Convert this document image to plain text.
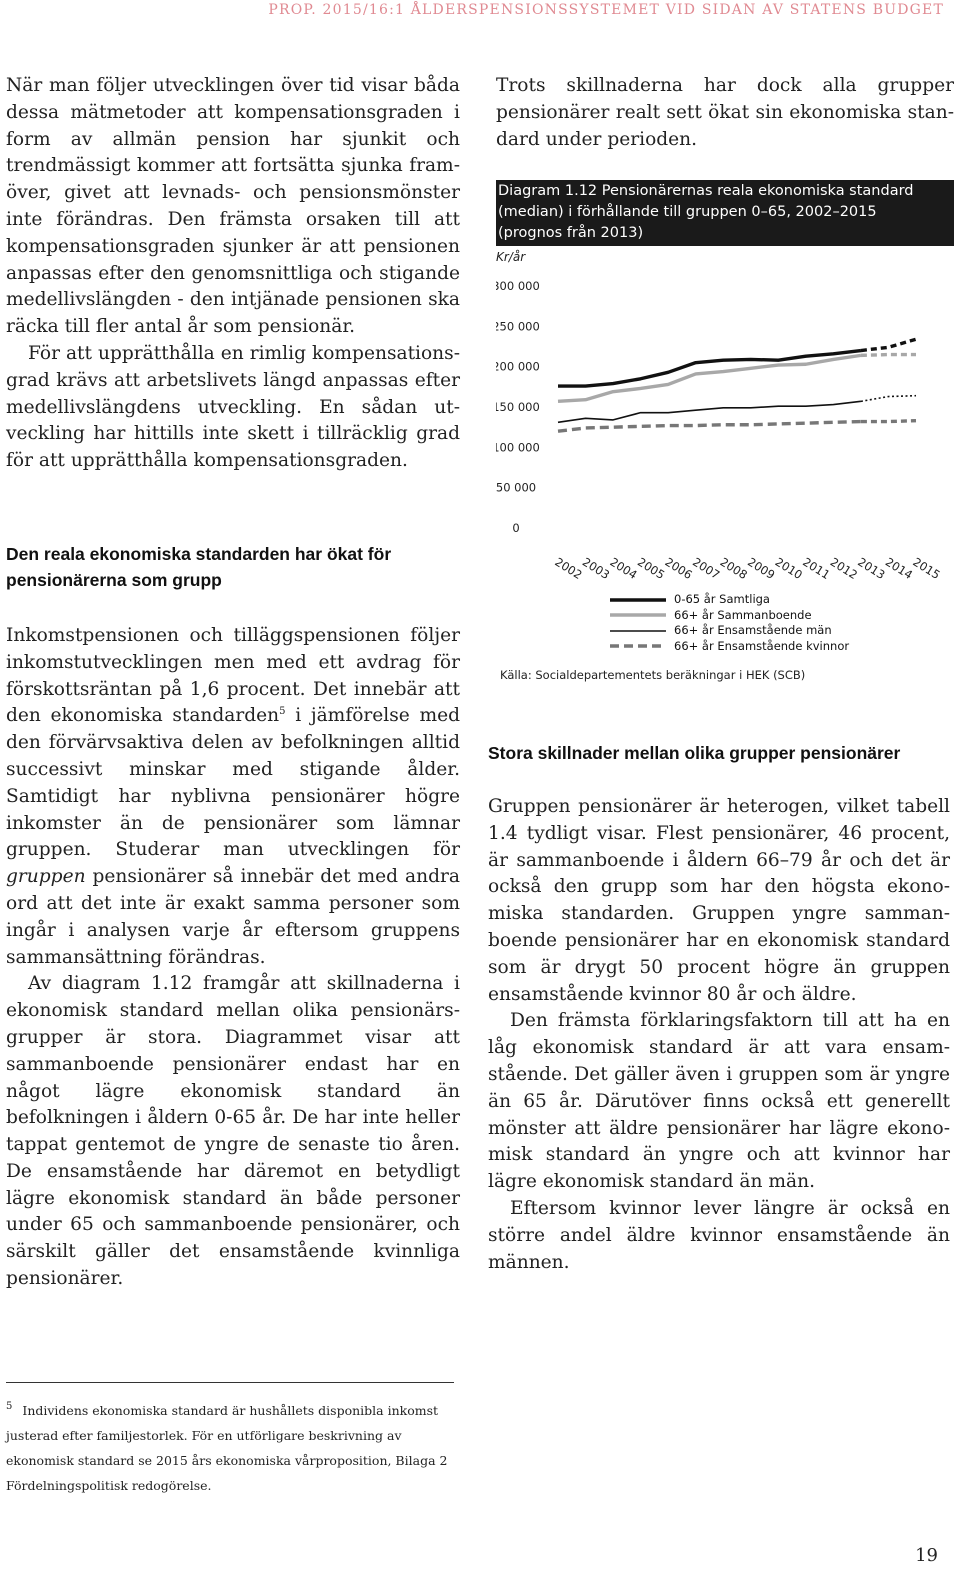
PROP. 2015/16:1 ÅLDERSPENSIONSSYSTEMET VID SIDAN AV STATENS BUDGET

När man följer utvecklingen över tid visar båda dessa mätmetoder att kompensationsgraden i form av allmän pension har sjunkit och trendmässigt kommer att fortsätta sjunka framöver, givet att levnads- och pensionsmönster inte förändras. Den främsta orsaken till att kompensationsgraden sjunker är att pensionen anpassas efter den genomsnittliga och stigande medellivslängden - den intjänade pensionen ska räcka till fler antal år som pensionär.

För att upprätthålla en rimlig kompensationsgrad krävs att arbetslivets längd anpassas efter medellivslängdens utveckling. En sådan utveckling har hittills inte skett i tillräcklig grad för att upprätthålla kompensationsgraden.

Den reala ekonomiska standarden har ökat för pensionärerna som grupp

Inkomstpensionen och tilläggspensionen följer inkomstutvecklingen men med ett avdrag för förskottsräntan på 1,6 procent. Det innebär att den ekonomiska standarden$^5$ i jämförelse med den förvärvsaktiva delen av befolkningen alltid successivt minskar med stigande ålder. Samtidigt har nyblivna pensionärer högre inkomster än de pensionärer som lämnar gruppen. Studerar man utvecklingen för gruppen pensionärer så innebär det med andra ord att det inte är exakt samma personer som ingår i analysen varje år eftersom gruppens sammansättning förändras.

Av diagram 1.12 framgår att skillnaderna i ekonomisk standard mellan olika pensionärsgrupper är stora. Diagrammet visar att sammanboende pensionärer endast har en något lägre ekonomisk standard än befolkningen i åldern 0-65 år. De har inte heller tappat gentemot de yngre de senaste tio åren. De ensamstående har däremot en betydligt lägre ekonomisk standard än både personer under 65 och sammanboende pensionärer, och särskilt gäller det ensamstående kvinnliga pensionärer.

Trots skillnaderna har dock alla grupper pensionärer realt sett ökat sin ekonomiska standard under perioden.

Diagram 1.12 Pensionärernas reala ekonomiska standard
(median) i förhållande till gruppen 0–65, 2002–2015
(prognos från 2013)
Kr/år
300 000
250 000
200 000
150 000
100 000
50 000
0
2002
2003
2004
2005
2006
2007
2008
2009
2010
2011
2012
2013
2014
2015
0-65 år Samtliga
66+ år Sammanboende
66+ år Ensamstående män
66+ år Ensamstående kvinnor
Källa: Socialdepartementets beräkningar i HEK (SCB)
Stora skillnader mellan olika grupper pensionärer

Gruppen pensionärer är heterogen, vilket tabell 1.4 tydligt visar. Flest pensionärer, 46 procent, är sammanboende i åldern 66–79 år och det är också den grupp som har den högsta ekonomiska standarden. Gruppen yngre sammanboende pensionärer har en ekonomisk standard som är drygt 50 procent högre än gruppen ensamstående kvinnor 80 år och äldre.

Den främsta förklaringsfaktorn till att ha en låg ekonomisk standard är att vara ensamstående. Det gäller även i gruppen som är yngre än 65 år. Därutöver finns också ett generellt mönster att äldre pensionärer har lägre ekonomisk standard än yngre och att kvinnor har lägre ekonomisk standard än män.

Eftersom kvinnor lever längre är också en större andel äldre kvinnor ensamstående än männen.

$^5$ Individens ekonomiska standard är hushållets disponibla inkomst justerad efter familjestorlek. För en utförligare beskrivning av ekonomisk standard se 2015 års ekonomiska vårproposition, Bilaga 2 Fördelningspolitisk redogörelse.
19
